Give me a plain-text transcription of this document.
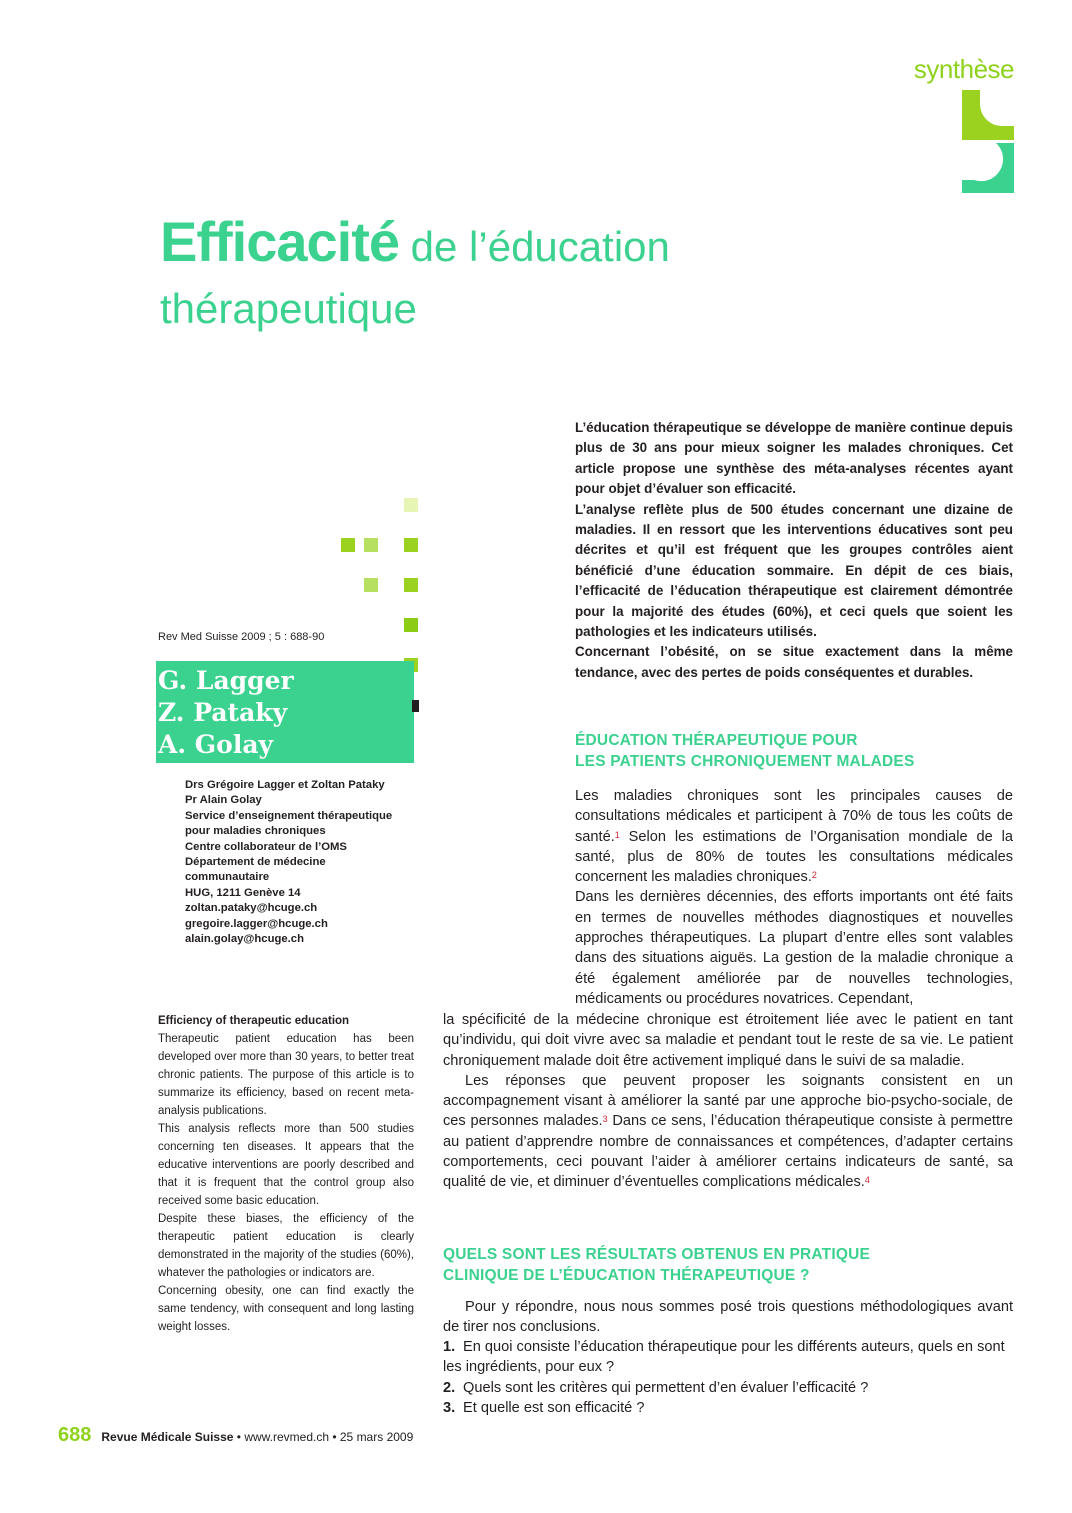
synthèse
Efficacité de l’éducation
thérapeutique
Rev Med Suisse 2009 ; 5 : 688-90
G. Lagger
Z. Pataky
A. Golay
Drs Grégoire Lagger et Zoltan Pataky
Pr Alain Golay
Service d’enseignement thérapeutique
pour maladies chroniques
Centre collaborateur de l’OMS
Département de médecine
communautaire
HUG, 1211 Genève 14
zoltan.pataky@hcuge.ch
gregoire.lagger@hcuge.ch
alain.golay@hcuge.ch

Efficiency of therapeutic education

Therapeutic patient education has been developed over more than 30 years, to better treat chronic patients. The purpose of this article is to summarize its efficiency, based on recent meta-analysis publications.

This analysis reflects more than 500 studies concerning ten diseases. It appears that the educative interventions are poorly described and that it is frequent that the control group also received some basic education.

Despite these biases, the efficiency of the therapeutic patient education is clearly demonstrated in the majority of the studies (60%), whatever the pathologies or indicators are.

Concerning obesity, one can find exactly the same tendency, with consequent and long lasting weight losses.

L’éducation thérapeutique se développe de manière continue depuis plus de 30 ans pour mieux soigner les malades chroniques. Cet article propose une synthèse des méta-analyses récentes ayant pour objet d’évaluer son efficacité.

L’analyse reflète plus de 500 études concernant une dizaine de maladies. Il en ressort que les interventions éducatives sont peu décrites et qu’il est fréquent que les groupes contrôles aient bénéficié d’une éducation sommaire. En dépit de ces biais, l’efficacité de l’éducation thérapeutique est clairement démontrée pour la majorité des études (60%), et ceci quels que soient les pathologies et les indicateurs utilisés.

Concernant l’obésité, on se situe exactement dans la même tendance, avec des pertes de poids conséquentes et durables.

ÉDUCATION THÉRAPEUTIQUE POUR
LES PATIENTS CHRONIQUEMENT MALADES

Les maladies chroniques sont les principales causes de consultations médicales et participent à 70% de tous les coûts de santé.$^1$ Selon les estimations de l’Organisation mondiale de la santé, plus de 80% de toutes les consultations médicales concernent les maladies chroniques.$^2$

Dans les dernières décennies, des efforts importants ont été faits en termes de nouvelles méthodes diagnostiques et nouvelles approches thérapeutiques. La plupart d’entre elles sont valables dans des situations aiguës. La gestion de la maladie chronique a été également améliorée par de nouvelles technologies, médicaments ou procédures novatrices. Cependant,

la spécificité de la médecine chronique est étroitement liée avec le patient en tant qu’individu, qui doit vivre avec sa maladie et pendant tout le reste de sa vie. Le patient chroniquement malade doit être activement impliqué dans le suivi de sa maladie.

Les réponses que peuvent proposer les soignants consistent en un accompagnement visant à améliorer la santé par une approche bio-psycho-sociale, de ces personnes malades.$^3$ Dans ce sens, l’éducation thérapeutique consiste à permettre au patient d’apprendre nombre de connaissances et compétences, d’adapter certains comportements, ceci pouvant l’aider à améliorer certains indicateurs de santé, sa qualité de vie, et diminuer d’éventuelles complications médicales.$^4$

QUELS SONT LES RÉSULTATS OBTENUS EN PRATIQUE
CLINIQUE DE L’ÉDUCATION THÉRAPEUTIQUE ?

Pour y répondre, nous nous sommes posé trois questions méthodologiques avant de tirer nos conclusions.

1. En quoi consiste l’éducation thérapeutique pour les différents auteurs, quels en sont les ingrédients, pour eux ?

2. Quels sont les critères qui permettent d’en évaluer l’efficacité ?

3. Et quelle est son efficacité ?

688 Revue Médicale Suisse • www.revmed.ch • 25 mars 2009
